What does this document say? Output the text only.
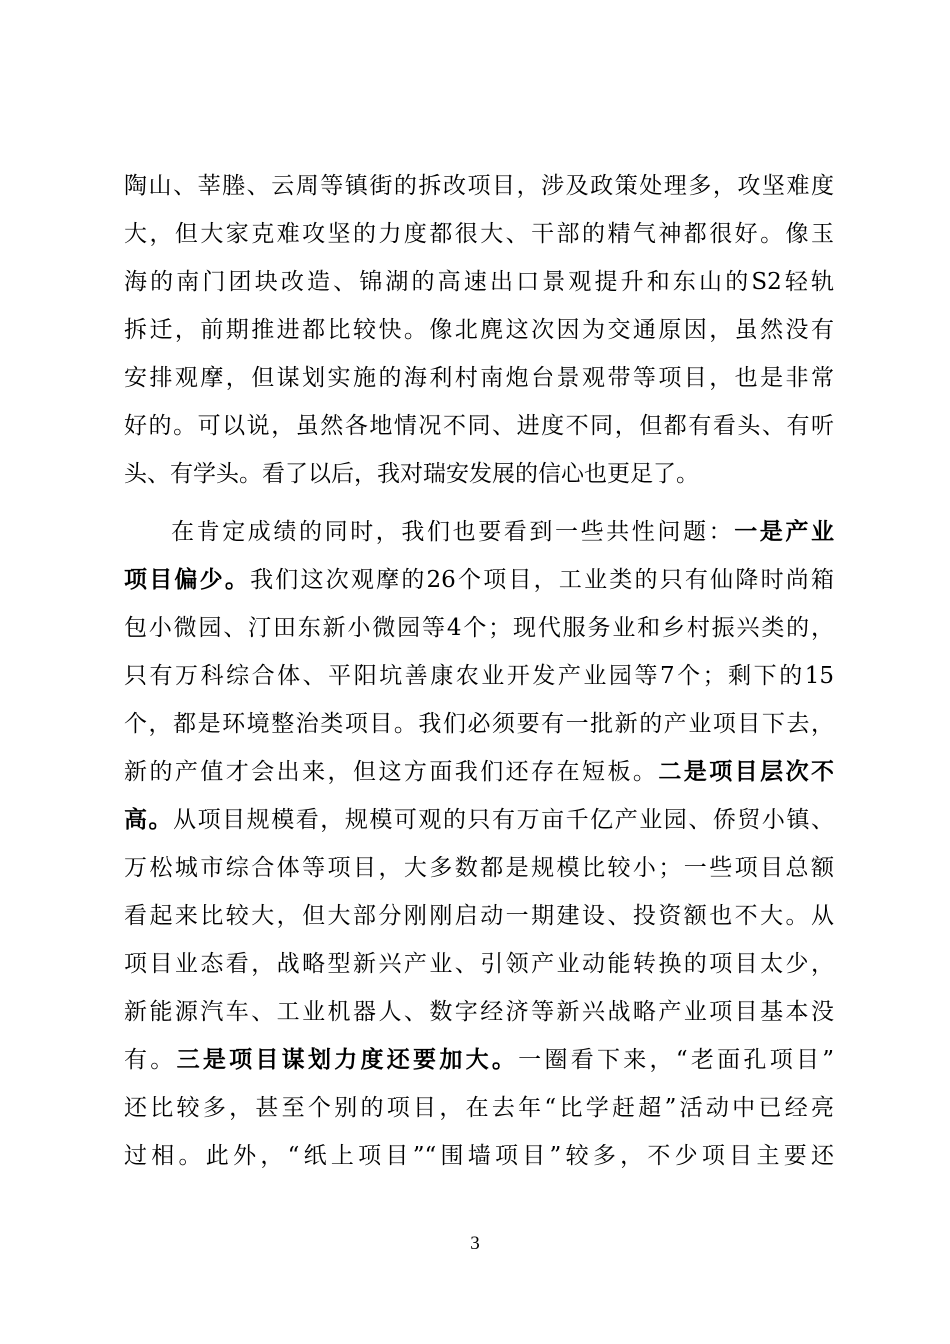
陶山、莘塍、云周等镇街的拆改项目，涉及政策处理多，攻坚难度
大，但大家克难攻坚的力度都很大、干部的精气神都很好。像玉
海的南门团块改造、锦湖的高速出口景观提升和东山的S2轻轨
拆迁，前期推进都比较快。像北麂这次因为交通原因，虽然没有
安排观摩，但谋划实施的海利村南炮台景观带等项目，也是非常
好的。可以说，虽然各地情况不同、进度不同，但都有看头、有听
头、有学头。看了以后，我对瑞安发展的信心也更足了。
在肯定成绩的同时，我们也要看到一些共性问题：一是产业
项目偏少。我们这次观摩的26个项目，工业类的只有仙降时尚箱
包小微园、汀田东新小微园等4个；现代服务业和乡村振兴类的，
只有万科综合体、平阳坑善康农业开发产业园等7个；剩下的15
个，都是环境整治类项目。我们必须要有一批新的产业项目下去，
新的产值才会出来，但这方面我们还存在短板。二是项目层次不
高。从项目规模看，规模可观的只有万亩千亿产业园、侨贸小镇、
万松城市综合体等项目，大多数都是规模比较小；一些项目总额
看起来比较大，但大部分刚刚启动一期建设、投资额也不大。从
项目业态看，战略型新兴产业、引领产业动能转换的项目太少，
新能源汽车、工业机器人、数字经济等新兴战略产业项目基本没
有。三是项目谋划力度还要加大。一圈看下来，“老面孔项目”
还比较多，甚至个别的项目，在去年“比学赶超”活动中已经亮
过相。此外，“纸上项目”“围墙项目”较多，不少项目主要还
3
